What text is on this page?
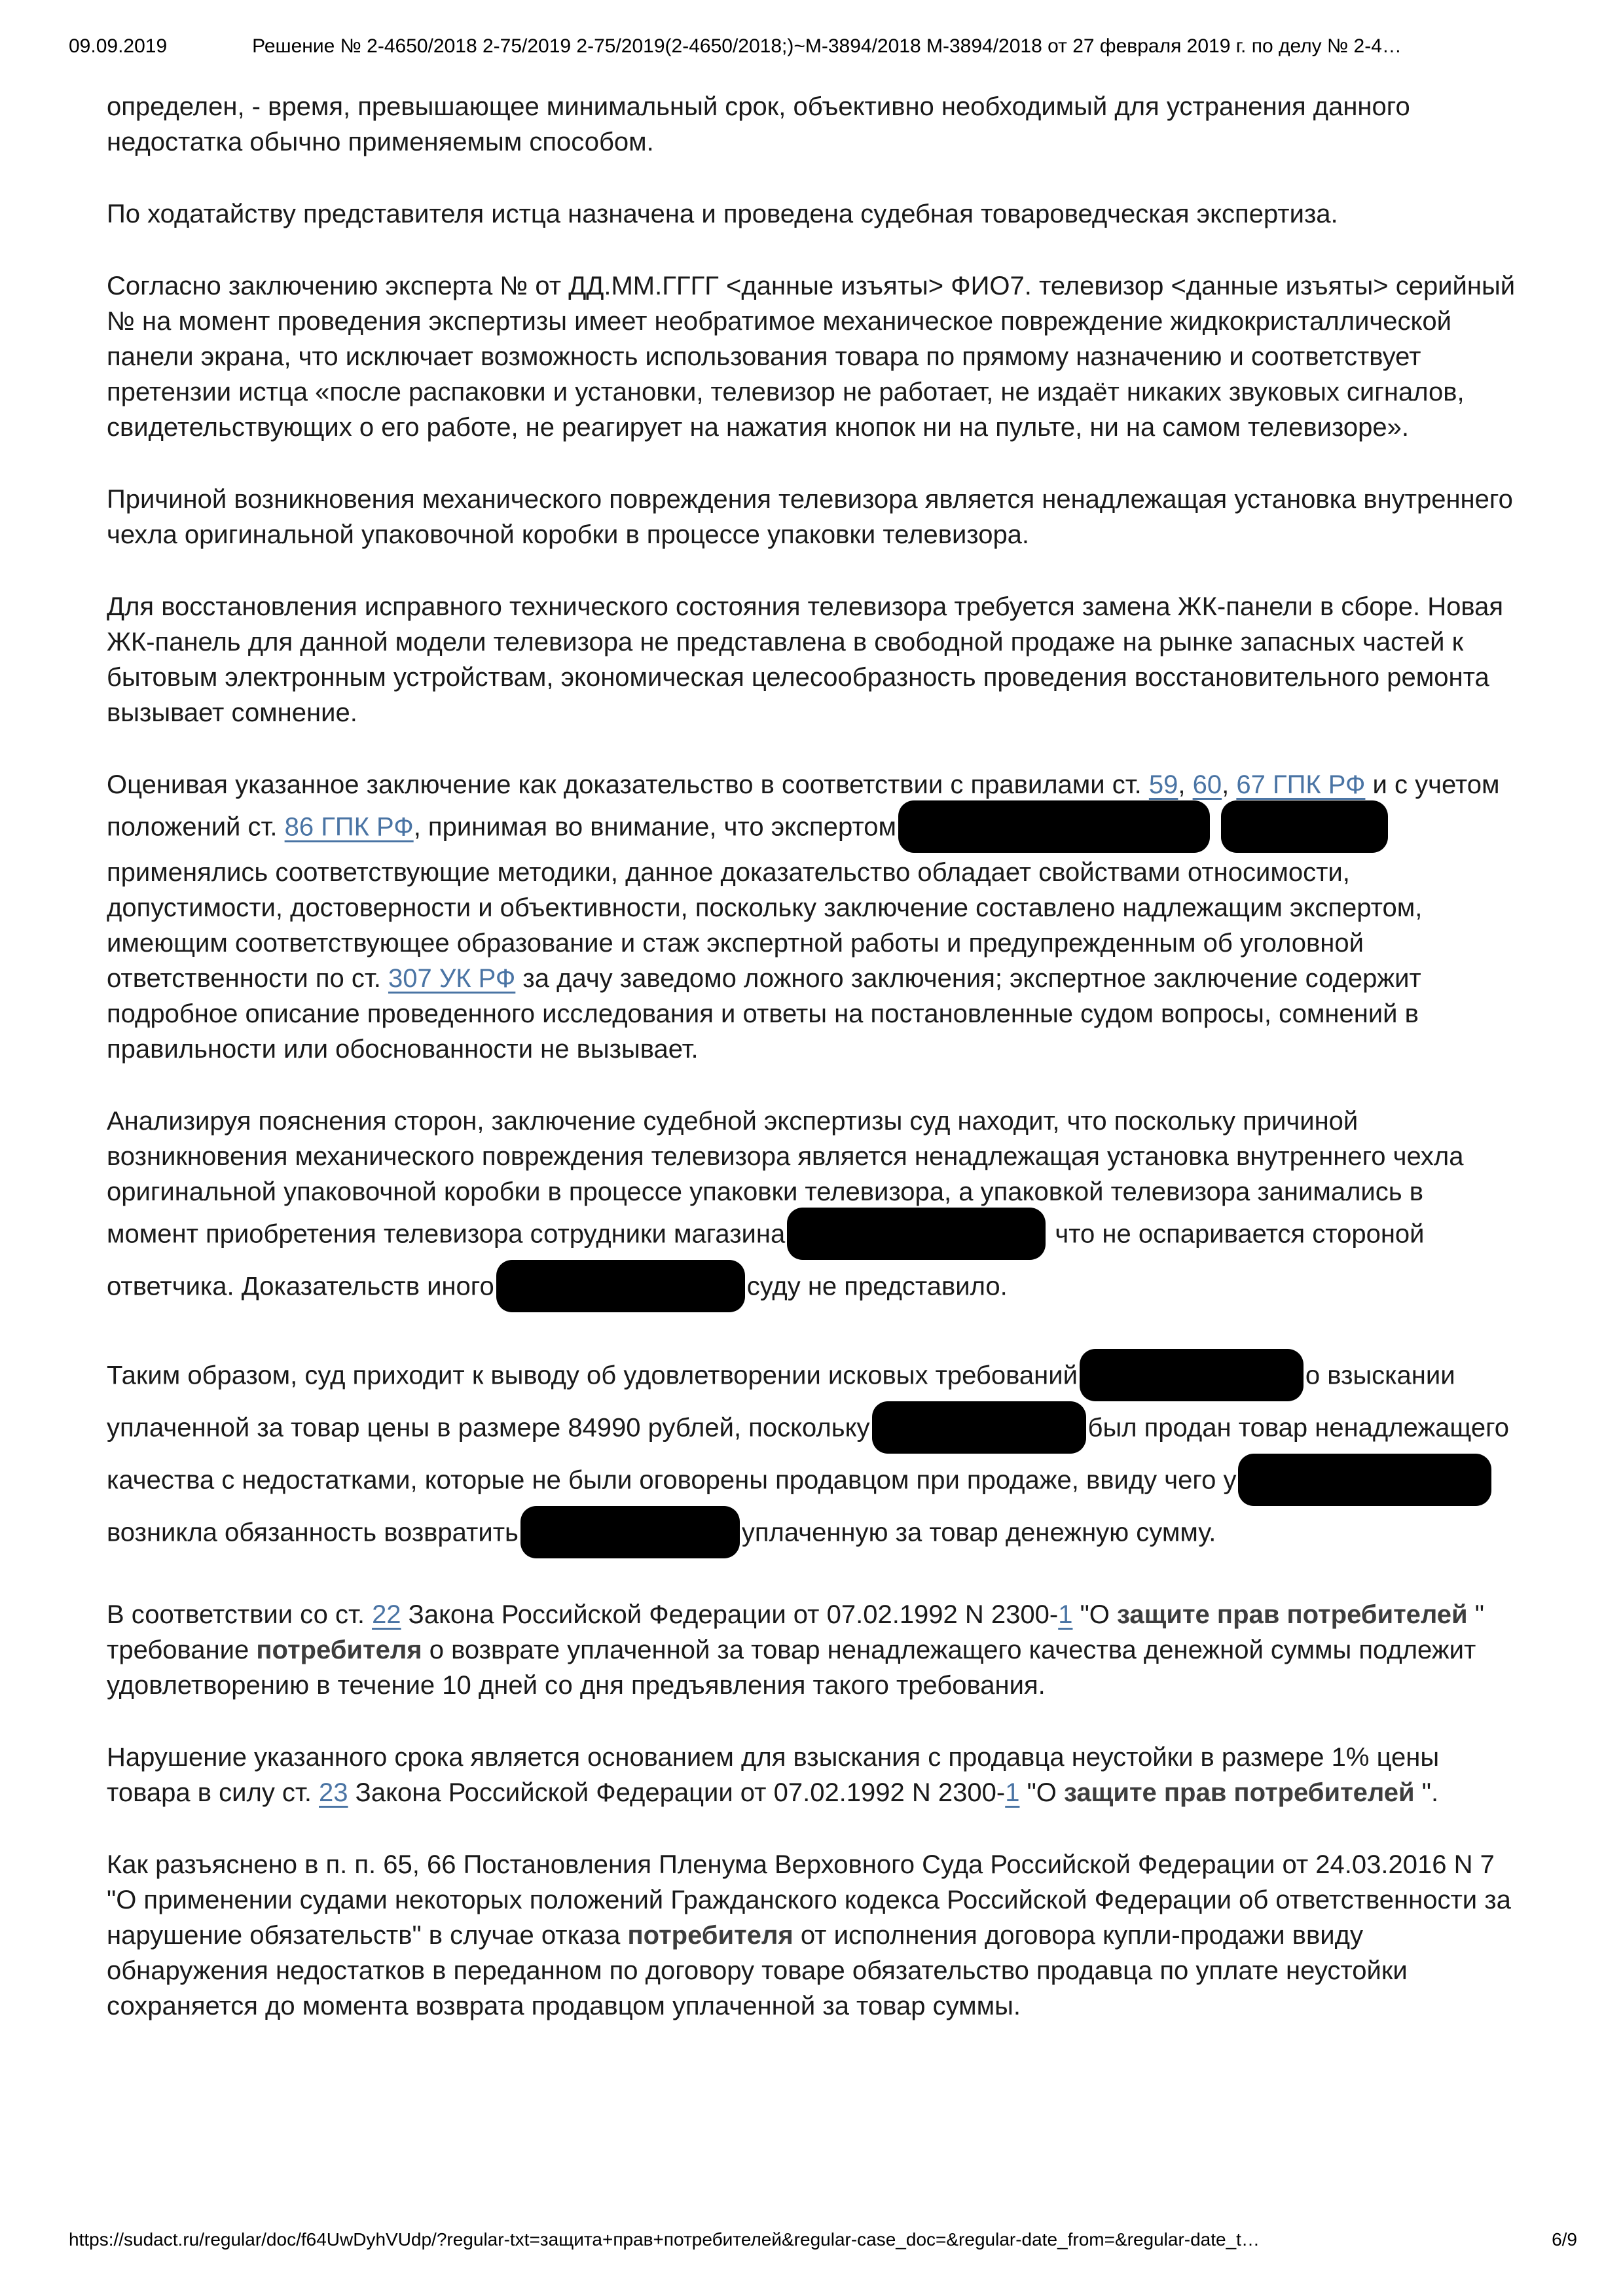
09.09.2019	Решение № 2-4650/2018 2-75/2019 2-75/2019(2-4650/2018;)~М-3894/2018 М-3894/2018 от 27 февраля 2019 г. по делу № 2-4…

определен, - время, превышающее минимальный срок, объективно необходимый для устранения данного недостатка обычно применяемым способом.

По ходатайству представителя истца назначена и проведена судебная товароведческая экспертиза.

Согласно заключению эксперта № от ДД.ММ.ГГГГ <данные изъяты> ФИО7. телевизор <данные изъяты> серийный № на момент проведения экспертизы имеет необратимое механическое повреждение жидкокристаллической панели экрана, что исключает возможность использования товара по прямому назначению и соответствует претензии истца «после распаковки и установки, телевизор не работает, не издаёт никаких звуковых сигналов, свидетельствующих о его работе, не реагирует на нажатия кнопок ни на пульте, ни на самом телевизоре».

Причиной возникновения механического повреждения телевизора является ненадлежащая установка внутреннего чехла оригинальной упаковочной коробки в процессе упаковки телевизора.

Для восстановления исправного технического состояния телевизора требуется замена ЖК-панели в сборе. Новая ЖК-панель для данной модели телевизора не представлена в свободной продаже на рынке запасных частей к бытовым электронным устройствам, экономическая целесообразность проведения восстановительного ремонта вызывает сомнение.

Оценивая указанное заключение как доказательство в соответствии с правилами ст. 59, 60, 67 ГПК РФ и с учетом положений ст. 86 ГПК РФ, принимая во внимание, что экспертом применялись соответствующие методики, данное доказательство обладает свойствами относимости, допустимости, достоверности и объективности, поскольку заключение составлено надлежащим экспертом, имеющим соответствующее образование и стаж экспертной работы и предупрежденным об уголовной ответственности по ст. 307 УК РФ за дачу заведомо ложного заключения; экспертное заключение содержит подробное описание проведенного исследования и ответы на постановленные судом вопросы, сомнений в правильности или обоснованности не вызывает.

Анализируя пояснения сторон, заключение судебной экспертизы суд находит, что поскольку причиной возникновения механического повреждения телевизора является ненадлежащая установка внутреннего чехла оригинальной упаковочной коробки в процессе упаковки телевизора, а упаковкой телевизора занимались в момент приобретения телевизора сотрудники магазина	что не оспаривается стороной ответчика. Доказательств иного	суду не представило.

Таким образом, суд приходит к выводу об удовлетворении исковых требований	о взыскании уплаченной за товар цены в размере 84990 рублей, поскольку	был продан товар ненадлежащего качества с недостатками, которые не были оговорены продавцом при продаже, ввиду чего увозникла обязанность возвратить	уплаченную за товар денежную сумму.

В соответствии со ст. 22 Закона Российской Федерации от 07.02.1992 N 2300-1 "О защите прав потребителей " требование потребителя о возврате уплаченной за товар ненадлежащего качества денежной суммы подлежит удовлетворению в течение 10 дней со дня предъявления такого требования.

Нарушение указанного срока является основанием для взыскания с продавца неустойки в размере 1% цены товара в силу ст. 23 Закона Российской Федерации от 07.02.1992 N 2300-1 "О защите прав потребителей ".

Как разъяснено в п. п. 65, 66 Постановления Пленума Верховного Суда Российской Федерации от 24.03.2016 N 7 "О применении судами некоторых положений Гражданского кодекса Российской Федерации об ответственности за нарушение обязательств" в случае отказа потребителя от исполнения договора купли-продажи ввиду обнаружения недостатков в переданном по договору товаре обязательство продавца по уплате неустойки сохраняется до момента возврата продавцом уплаченной за товар суммы.

https://sudact.ru/regular/doc/f64UwDyhVUdp/?regular-txt=защита+прав+потребителей&regular-case_doc=&regular-date_from=&regular-date_t…	6/9
